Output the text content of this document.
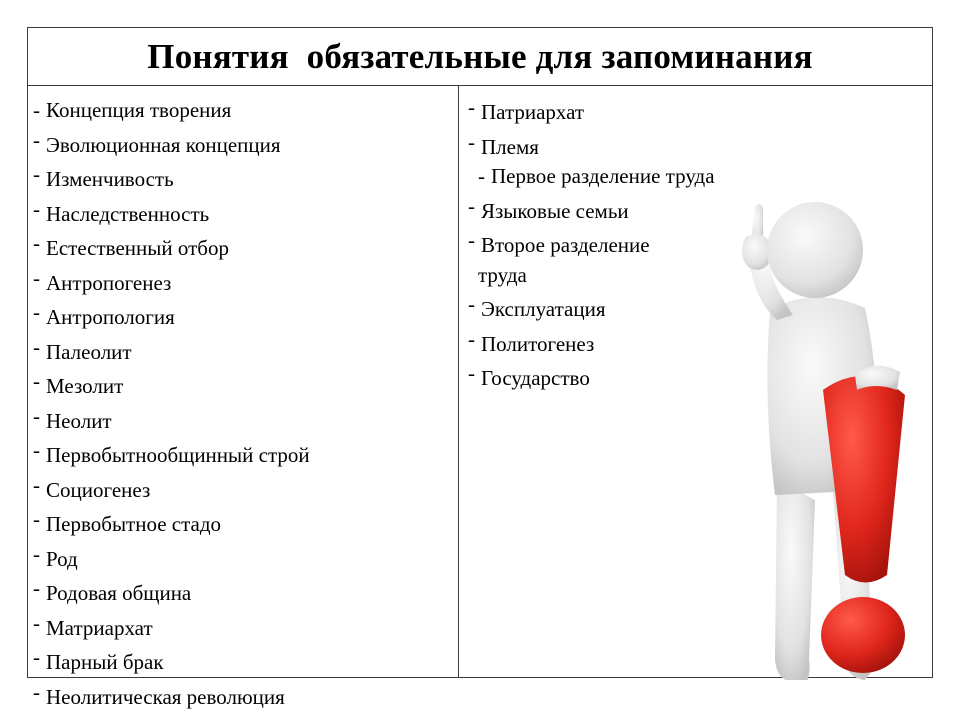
Понятия  обязательные для запоминания
- Концепция творения
- Эволюционная концепция
- Изменчивость
- Наследственность
- Естественный отбор
- Антропогенез
- Антропология
- Палеолит
- Мезолит
- Неолит
- Первобытнообщинный строй
- Социогенез
- Первобытное стадо
- Род
- Родовая община
- Матриархат
- Парный брак
- Неолитическая революция
- Патриархат
- Племя
- Первое разделение труда
- Языковые семьи
- Второе разделение
труда
- Эксплуатация
- Политогенез
- Государство
